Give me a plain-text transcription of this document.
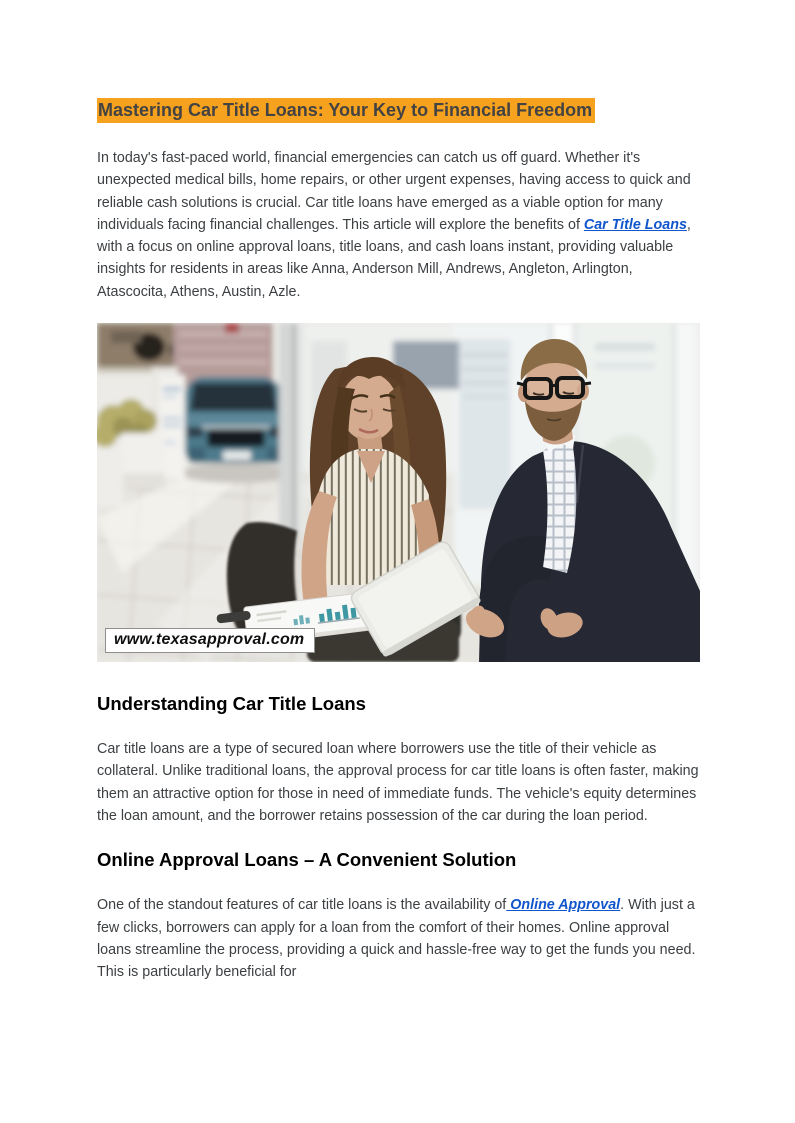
Mastering Car Title Loans: Your Key to Financial Freedom

In today's fast-paced world, financial emergencies can catch us off guard. Whether it's unexpected medical bills, home repairs, or other urgent expenses, having access to quick and reliable cash solutions is crucial. Car title loans have emerged as a viable option for many individuals facing financial challenges. This article will explore the benefits of Car Title Loans, with a focus on online approval loans, title loans, and cash loans instant, providing valuable insights for residents in areas like Anna, Anderson Mill, Andrews, Angleton, Arlington, Atascocita, Athens, Austin, Azle.

www.texasapproval.com
Understanding Car Title Loans

Car title loans are a type of secured loan where borrowers use the title of their vehicle as collateral. Unlike traditional loans, the approval process for car title loans is often faster, making them an attractive option for those in need of immediate funds. The vehicle's equity determines the loan amount, and the borrower retains possession of the car during the loan period.

Online Approval Loans – A Convenient Solution

One of the standout features of car title loans is the availability of Online Approval. With just a few clicks, borrowers can apply for a loan from the comfort of their homes. Online approval loans streamline the process, providing a quick and hassle-free way to get the funds you need. This is particularly beneficial for
